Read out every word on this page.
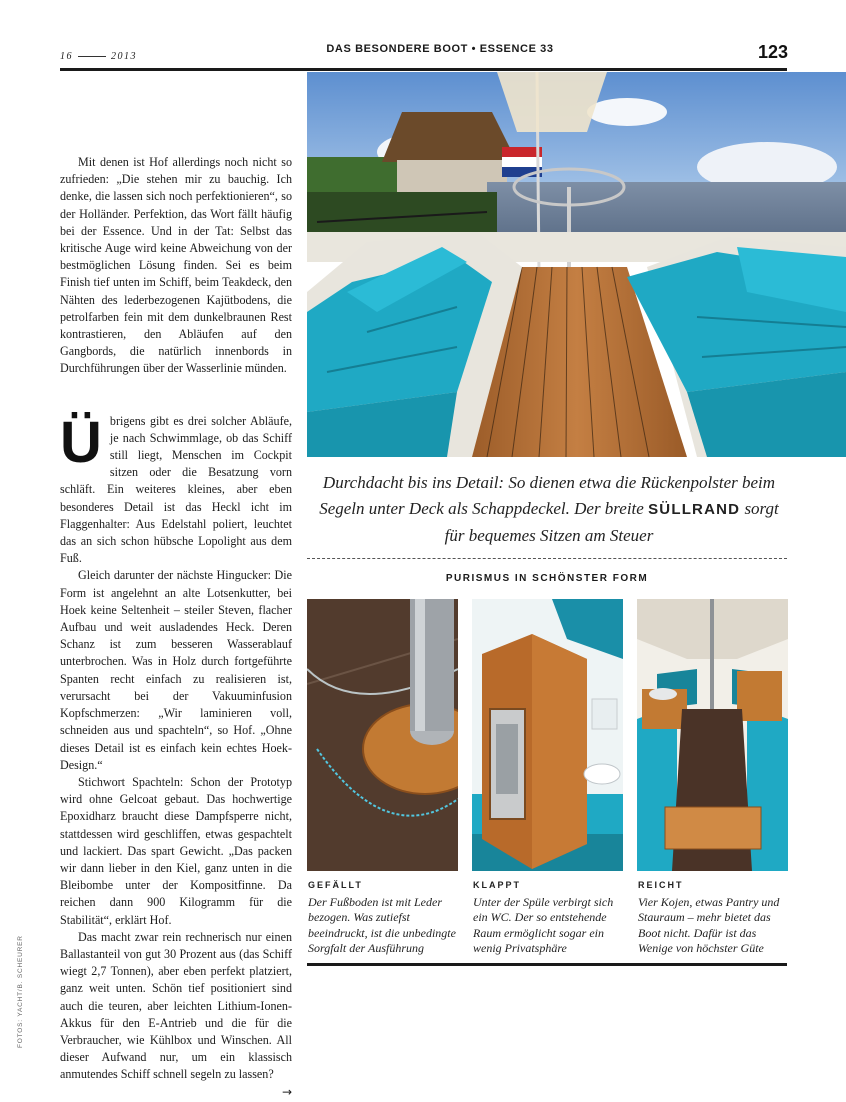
16	2013
DAS BESONDERE BOOT • ESSENCE 33	123

Mit denen ist Hof allerdings noch nicht so zufrieden: „Die stehen mir zu bauchig. Ich denke, die lassen sich noch perfektionieren“, so der Holländer. Perfektion, das Wort fällt häufig bei der Essence. Und in der Tat: Selbst das kritische Auge wird keine Abweichung von der bestmöglichen Lösung finden. Sei es beim Finish tief unten im Schiff, beim Teakdeck, den Nähten des lederbezogenen Kajütbodens, die petrolfarben fein mit dem dunkelbraunen Rest kontrastieren, den Abläufen auf den Gangbords, die natürlich innenbords in Durchführungen über der Wasserlinie münden.

Übrigens gibt es drei solcher Abläufe, je nach Schwimmlage, ob das Schiff still liegt, Menschen im Cockpit sitzen oder die Besatzung vorn schläft. Ein weiteres kleines, aber eben besonderes Detail ist das Heckl icht im Flaggenhalter: Aus Edelstahl poliert, leuchtet das an sich schon hübsche Lopolight aus dem Fuß.

Gleich darunter der nächste Hingucker: Die Form ist angelehnt an alte Lotsenkutter, bei Hoek keine Seltenheit – steiler Steven, flacher Aufbau und weit ausladendes Heck. Deren Schanz ist zum besseren Wasserablauf unterbrochen. Was in Holz durch fortgeführte Spanten recht einfach zu realisieren ist, verursacht bei der Vakuuminfusion Kopfschmerzen: „Wir laminieren voll, schneiden aus und spachteln“, so Hof. „Ohne dieses Detail ist es einfach kein echtes Hoek-Design.“

Stichwort Spachteln: Schon der Prototyp wird ohne Gelcoat gebaut. Das hochwertige Epoxidharz braucht diese Dampfsperre nicht, stattdessen wird geschliffen, etwas gespachtelt und lackiert. Das spart Gewicht. „Das packen wir dann lieber in den Kiel, ganz unten in die Bleibombe unter der Kompositfinne. Da reichen dann 900 Kilogramm für die Stabilität“, erklärt Hof.

Das macht zwar rein rechnerisch nur einen Ballastanteil von gut 30 Prozent aus (das Schiff wiegt 2,7 Tonnen), aber eben perfekt platziert, ganz weit unten. Schön tief positioniert sind auch die teuren, aber leichten Lithium-Ionen-Akkus für den E-Antrieb und die für die Verbraucher, wie Kühlbox und Winschen. All dieser Aufwand nur, um ein klassisch anmutendes Schiff schnell segeln zu lassen?
→

FOTOS: YACHT/B. SCHEURER
Durchdacht bis ins Detail: So dienen etwa die Rückenpolster beim Segeln unter Deck als Schappdeckel. Der breite SÜLLRAND sorgt für bequemes Sitzen am Steuer
PURISMUS IN SCHÖNSTER FORM
GEFÄLLT
Der Fußboden ist mit Leder bezogen. Was zutiefst beeindruckt, ist die unbedingte Sorgfalt der Ausführung
KLAPPT
Unter der Spüle verbirgt sich ein WC. Der so entstehende Raum ermöglicht sogar ein wenig Privatsphäre
REICHT
Vier Kojen, etwas Pantry und Stauraum – mehr bietet das Boot nicht. Dafür ist das Wenige von höchster Güte
